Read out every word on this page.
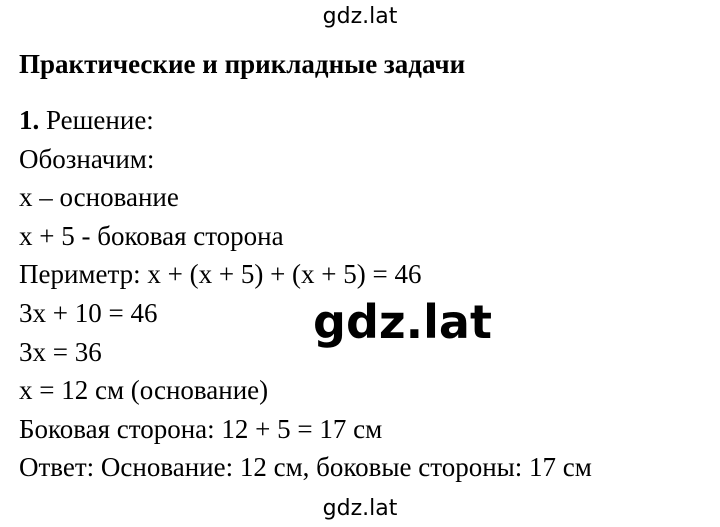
gdz.lat
Практические и прикладные задачи
1. Решение:
Обозначим:
x – основание
x + 5 - боковая сторона
Периметр: x + (x + 5) + (x + 5) = 46
3x + 10 = 46
3x = 36
x = 12 см (основание)
Боковая сторона: 12 + 5 = 17 см
Ответ: Основание: 12 см, боковые стороны: 17 см
gdz.lat
gdz.lat
